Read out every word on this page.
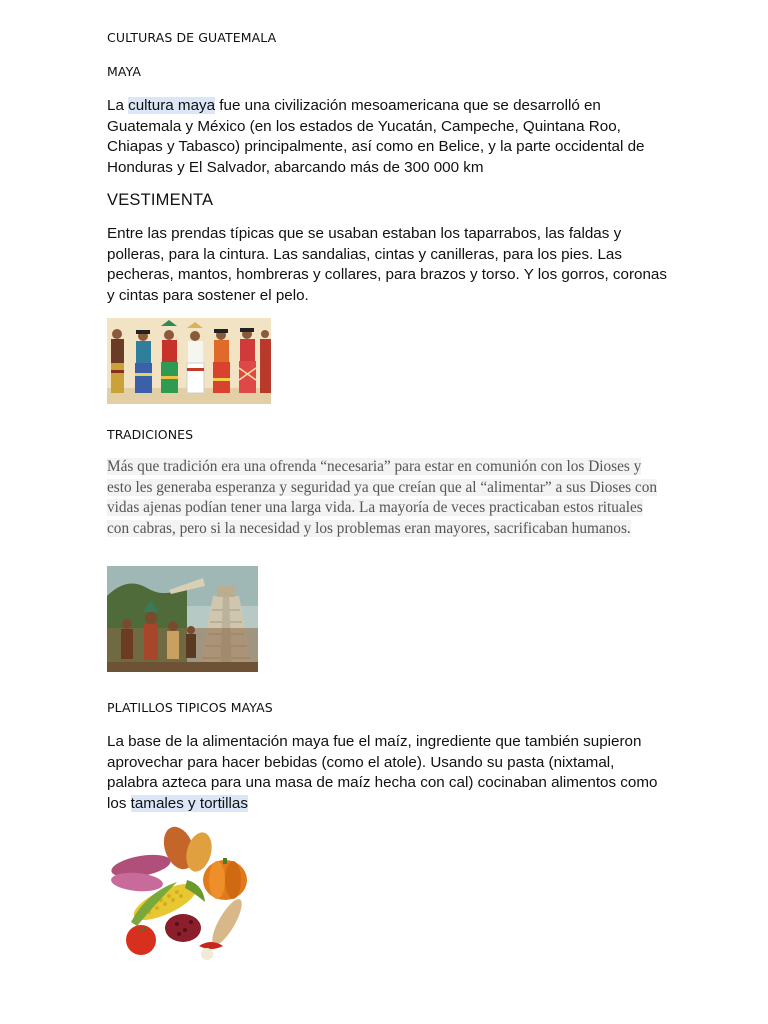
CULTURAS DE GUATEMALA
MAYA
La cultura maya fue una civilización mesoamericana que se desarrolló en Guatemala y México (en los estados de Yucatán, Campeche, Quintana Roo, Chiapas y Tabasco) principalmente, así como en Belice, y la parte occidental de Honduras y El Salvador, abarcando más de 300 000 km
VESTIMENTA
Entre las prendas típicas que se usaban estaban los taparrabos, las faldas y polleras, para la cintura. Las sandalias, cintas y canilleras, para los pies. Las pecheras, mantos, hombreras y collares, para brazos y torso. Y los gorros, coronas y cintas para sostener el pelo.
TRADICIONES
Más que tradición era una ofrenda “necesaria” para estar en comunión con los Dioses y esto les generaba esperanza y seguridad ya que creían que al “alimentar” a sus Dioses con vidas ajenas podían tener una larga vida. La mayoría de veces practicaban estos rituales con cabras, pero si la necesidad y los problemas eran mayores, sacrificaban humanos.
PLATILLOS TIPICOS MAYAS
La base de la alimentación maya fue el maíz, ingrediente que también supieron aprovechar para hacer bebidas (como el atole). Usando su pasta (nixtamal, palabra azteca para una masa de maíz hecha con cal) cocinaban alimentos como los tamales y tortillas
